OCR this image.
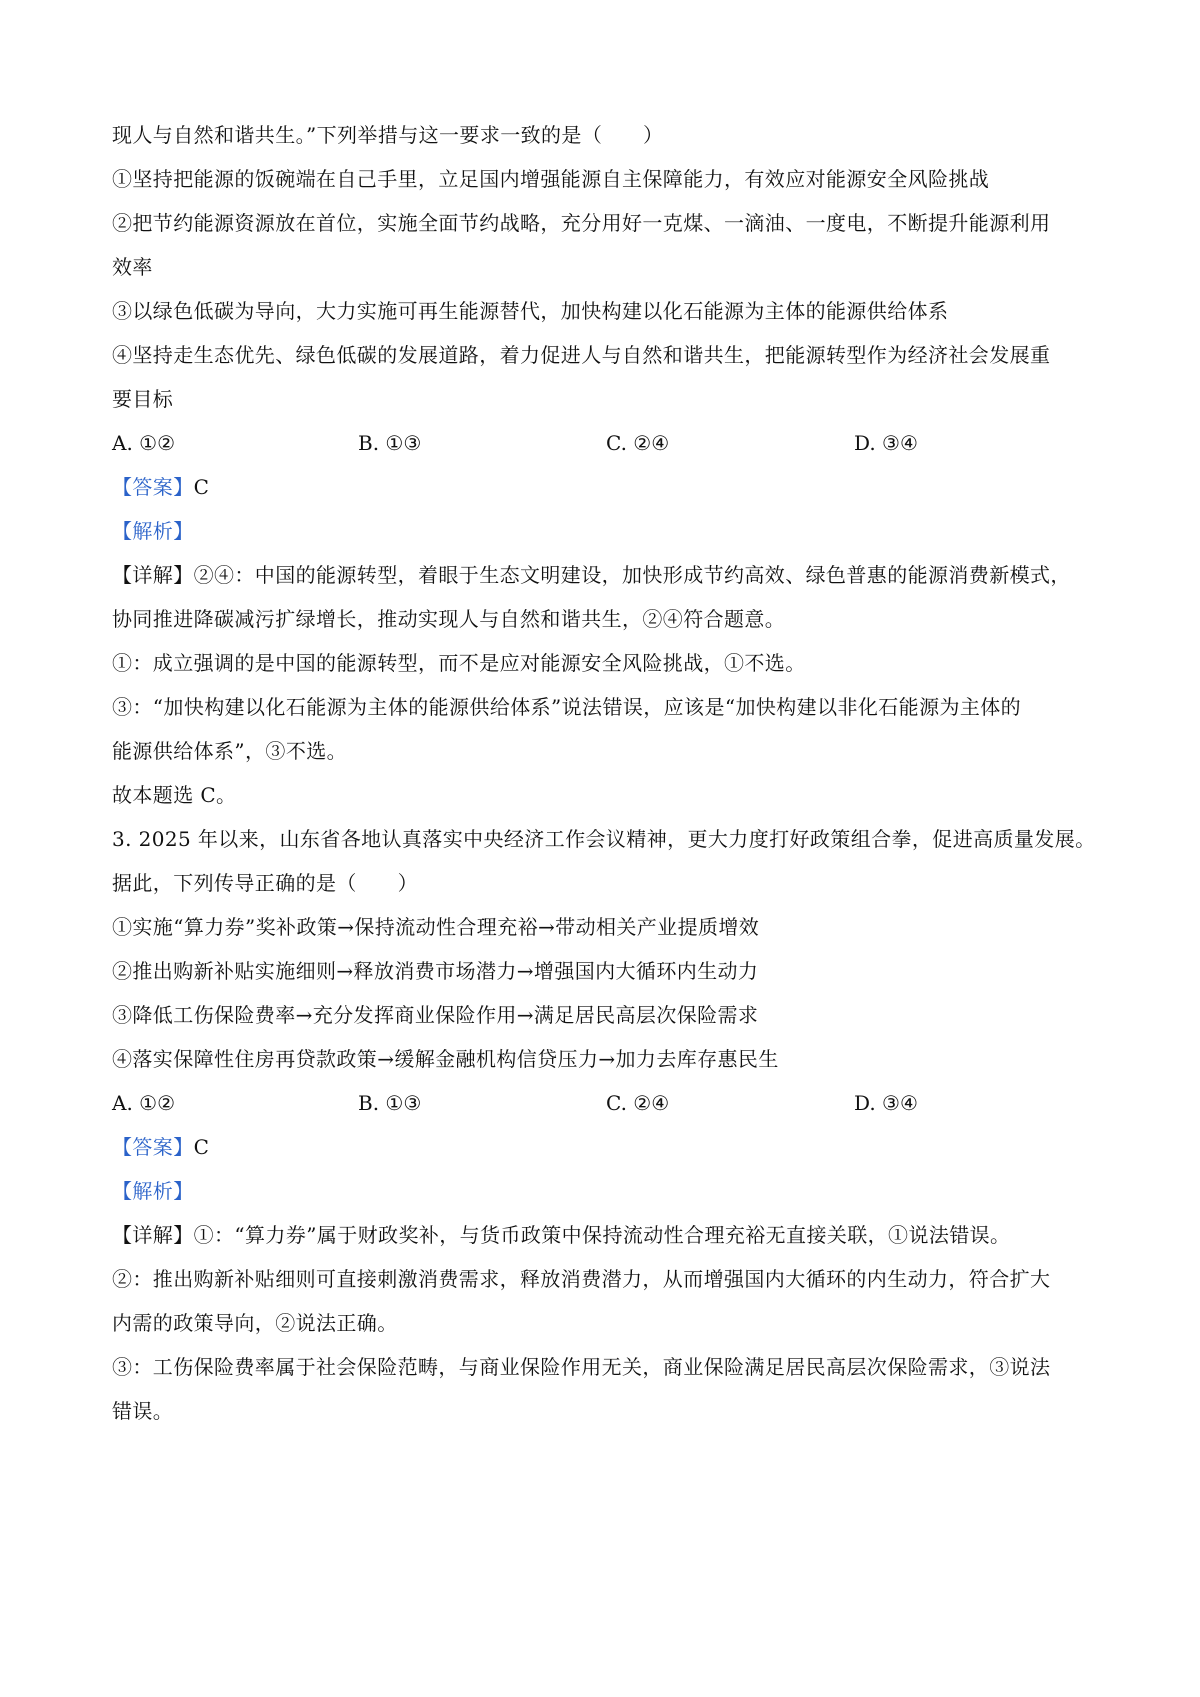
现人与自然和谐共生。”下列举措与这一要求一致的是（　　）
①坚持把能源的饭碗端在自己手里，立足国内增强能源自主保障能力，有效应对能源安全风险挑战
②把节约能源资源放在首位，实施全面节约战略，充分用好一克煤、一滴油、一度电，不断提升能源利用
效率
③以绿色低碳为导向，大力实施可再生能源替代，加快构建以化石能源为主体的能源供给体系
④坚持走生态优先、绿色低碳的发展道路，着力促进人与自然和谐共生，把能源转型作为经济社会发展重
要目标
A. ①②	B. ①③	C. ②④	D. ③④
【答案】C
【解析】
【详解】②④：中国的能源转型，着眼于生态文明建设，加快形成节约高效、绿色普惠的能源消费新模式，
协同推进降碳减污扩绿增长，推动实现人与自然和谐共生，②④符合题意。
①：成立强调的是中国的能源转型，而不是应对能源安全风险挑战，①不选。
③：“加快构建以化石能源为主体的能源供给体系”说法错误，应该是“加快构建以非化石能源为主体的
能源供给体系”，③不选。
故本题选 C。
3. 2025 年以来，山东省各地认真落实中央经济工作会议精神，更大力度打好政策组合拳，促进高质量发展。
据此，下列传导正确的是（　　）
①实施“算力券”奖补政策→保持流动性合理充裕→带动相关产业提质增效
②推出购新补贴实施细则→释放消费市场潜力→增强国内大循环内生动力
③降低工伤保险费率→充分发挥商业保险作用→满足居民高层次保险需求
④落实保障性住房再贷款政策→缓解金融机构信贷压力→加力去库存惠民生
A. ①②	B. ①③	C. ②④	D. ③④
【答案】C
【解析】
【详解】①：“算力券”属于财政奖补，与货币政策中保持流动性合理充裕无直接关联，①说法错误。
②：推出购新补贴细则可直接刺激消费需求，释放消费潜力，从而增强国内大循环的内生动力，符合扩大
内需的政策导向，②说法正确。
③：工伤保险费率属于社会保险范畴，与商业保险作用无关，商业保险满足居民高层次保险需求，③说法
错误。
